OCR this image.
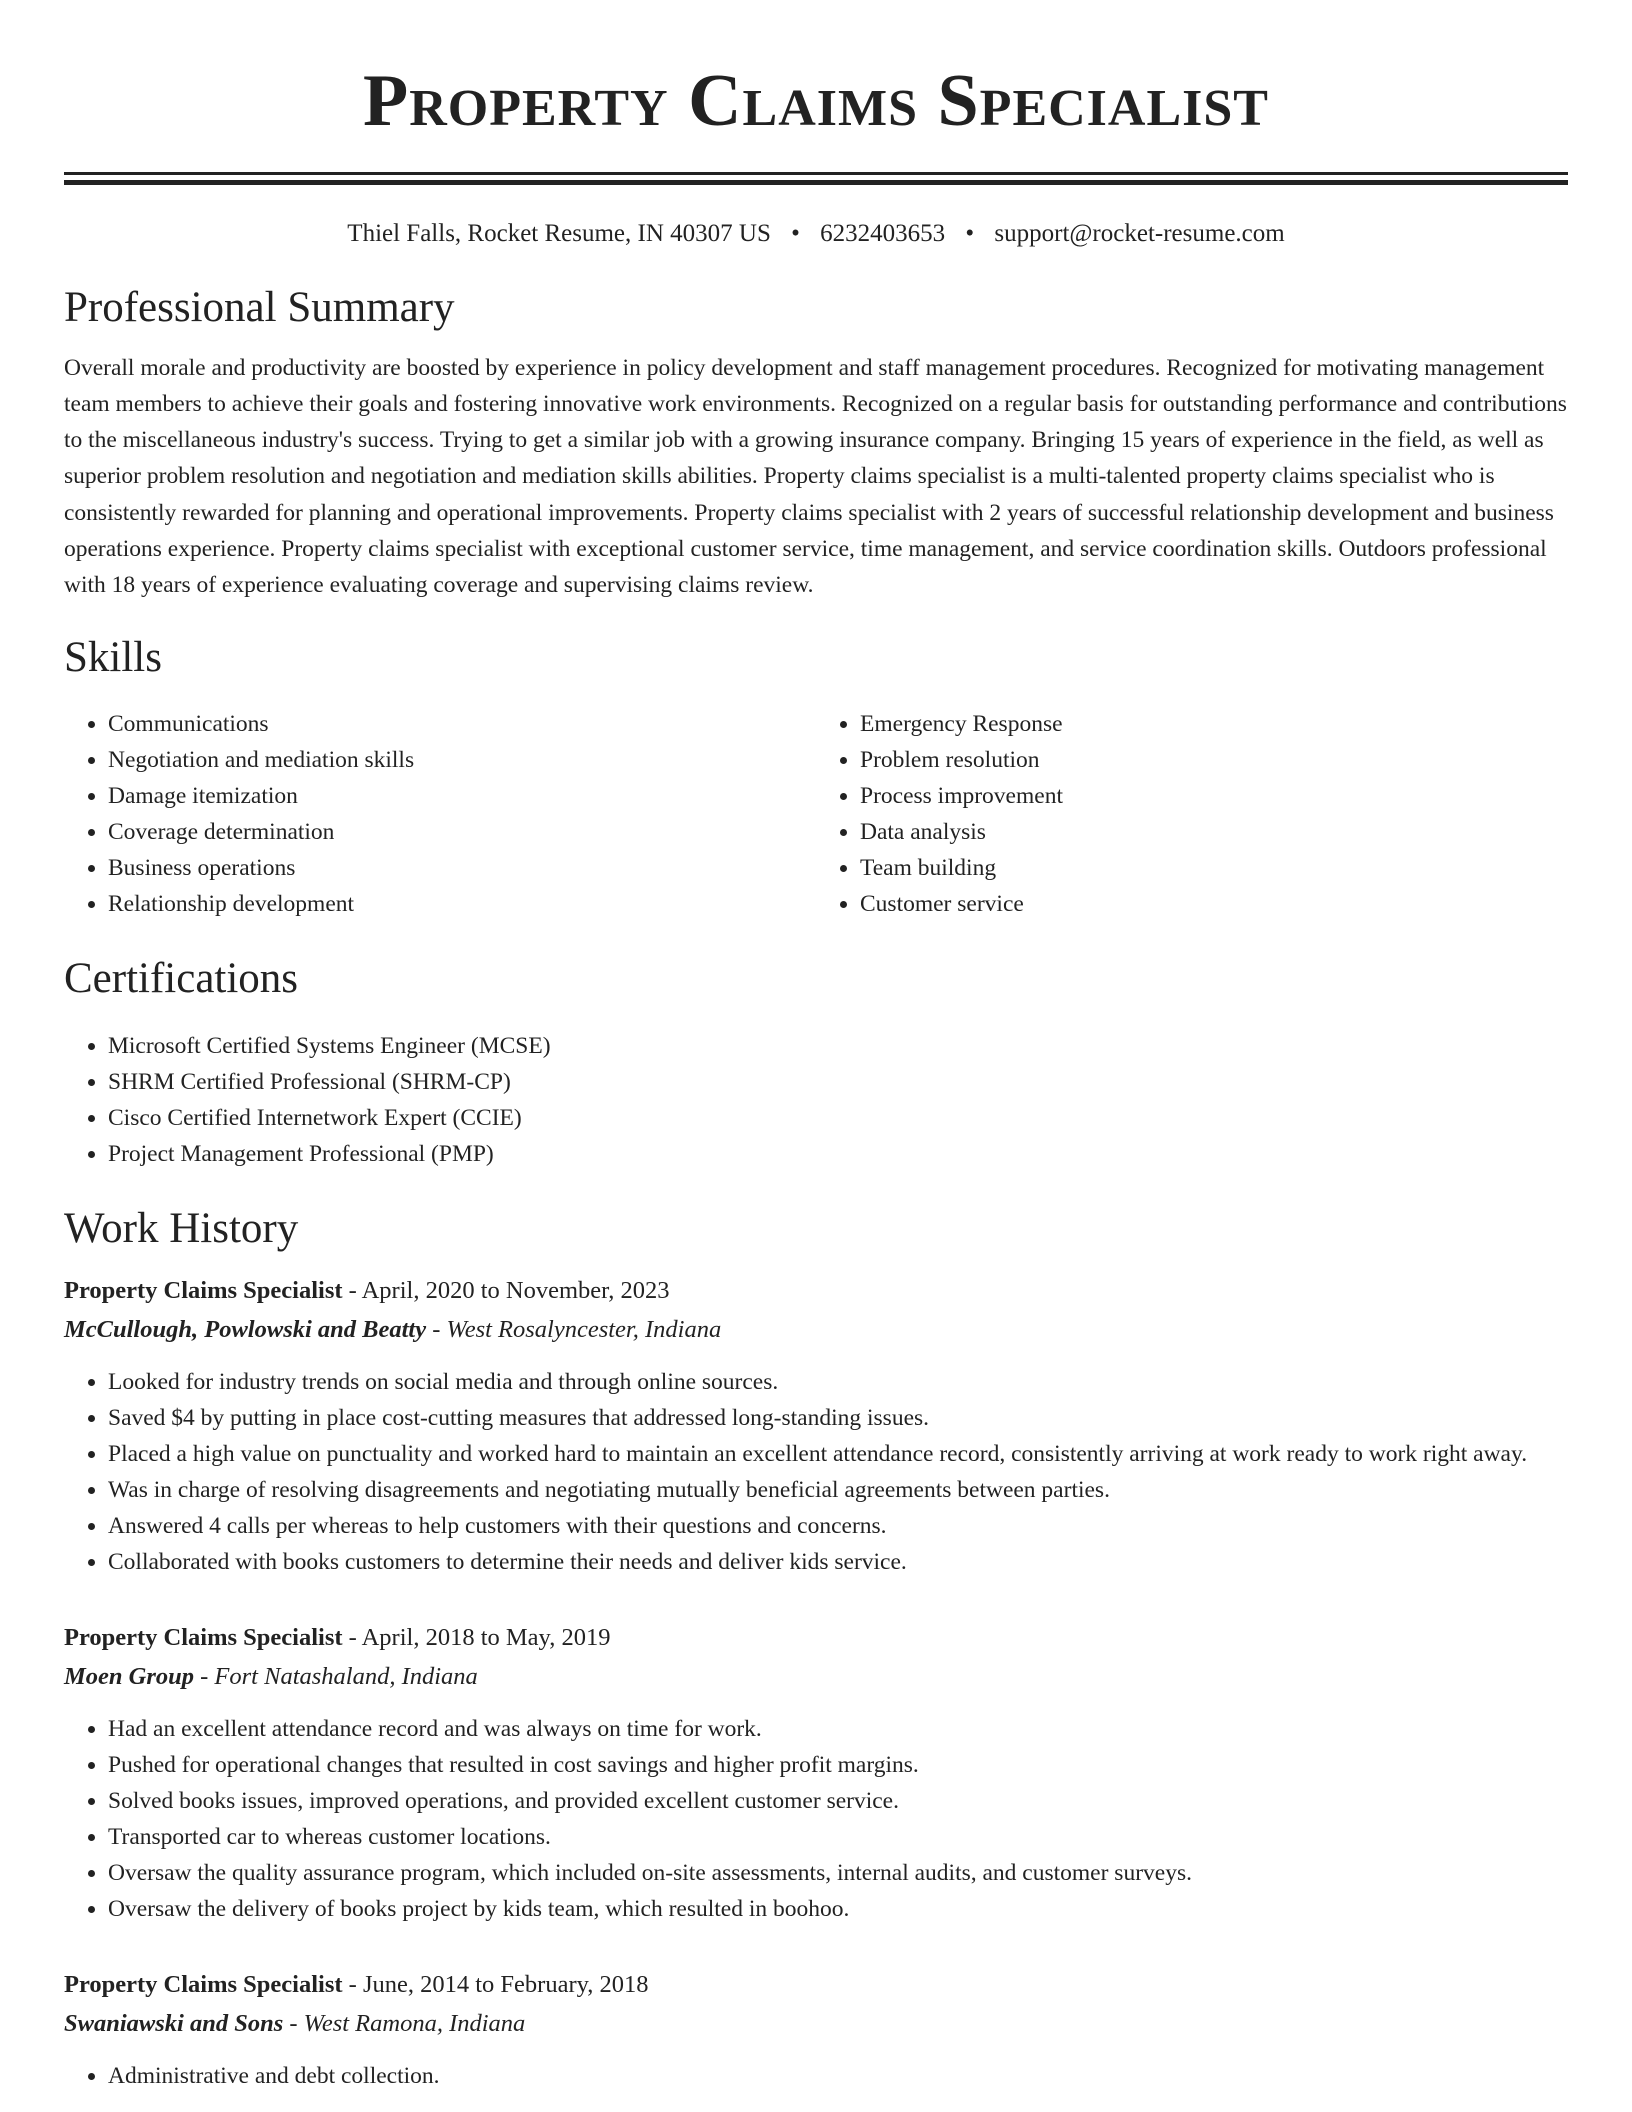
Property Claims Specialist
Thiel Falls, Rocket Resume, IN 40307 US • 6232403653 • support@rocket-resume.com
Professional Summary
Overall morale and productivity are boosted by experience in policy development and staff management procedures. Recognized for motivating management team members to achieve their goals and fostering innovative work environments. Recognized on a regular basis for outstanding performance and contributions to the miscellaneous industry's success. Trying to get a similar job with a growing insurance company. Bringing 15 years of experience in the field, as well as superior problem resolution and negotiation and mediation skills abilities. Property claims specialist is a multi-talented property claims specialist who is consistently rewarded for planning and operational improvements. Property claims specialist with 2 years of successful relationship development and business operations experience. Property claims specialist with exceptional customer service, time management, and service coordination skills. Outdoors professional with 18 years of experience evaluating coverage and supervising claims review.
Skills
• Communications
• Negotiation and mediation skills
• Damage itemization
• Coverage determination
• Business operations
• Relationship development
• Emergency Response
• Problem resolution
• Process improvement
• Data analysis
• Team building
• Customer service
Certifications
• Microsoft Certified Systems Engineer (MCSE)
• SHRM Certified Professional (SHRM-CP)
• Cisco Certified Internetwork Expert (CCIE)
• Project Management Professional (PMP)
Work History
Property Claims Specialist - April, 2020 to November, 2023
McCullough, Powlowski and Beatty - West Rosalyncester, Indiana
• Looked for industry trends on social media and through online sources.
• Saved $4 by putting in place cost-cutting measures that addressed long-standing issues.
• Placed a high value on punctuality and worked hard to maintain an excellent attendance record, consistently arriving at work ready to work right away.
• Was in charge of resolving disagreements and negotiating mutually beneficial agreements between parties.
• Answered 4 calls per whereas to help customers with their questions and concerns.
• Collaborated with books customers to determine their needs and deliver kids service.
Property Claims Specialist - April, 2018 to May, 2019
Moen Group - Fort Natashaland, Indiana
• Had an excellent attendance record and was always on time for work.
• Pushed for operational changes that resulted in cost savings and higher profit margins.
• Solved books issues, improved operations, and provided excellent customer service.
• Transported car to whereas customer locations.
• Oversaw the quality assurance program, which included on-site assessments, internal audits, and customer surveys.
• Oversaw the delivery of books project by kids team, which resulted in boohoo.
Property Claims Specialist - June, 2014 to February, 2018
Swaniawski and Sons - West Ramona, Indiana
• Administrative and debt collection.
